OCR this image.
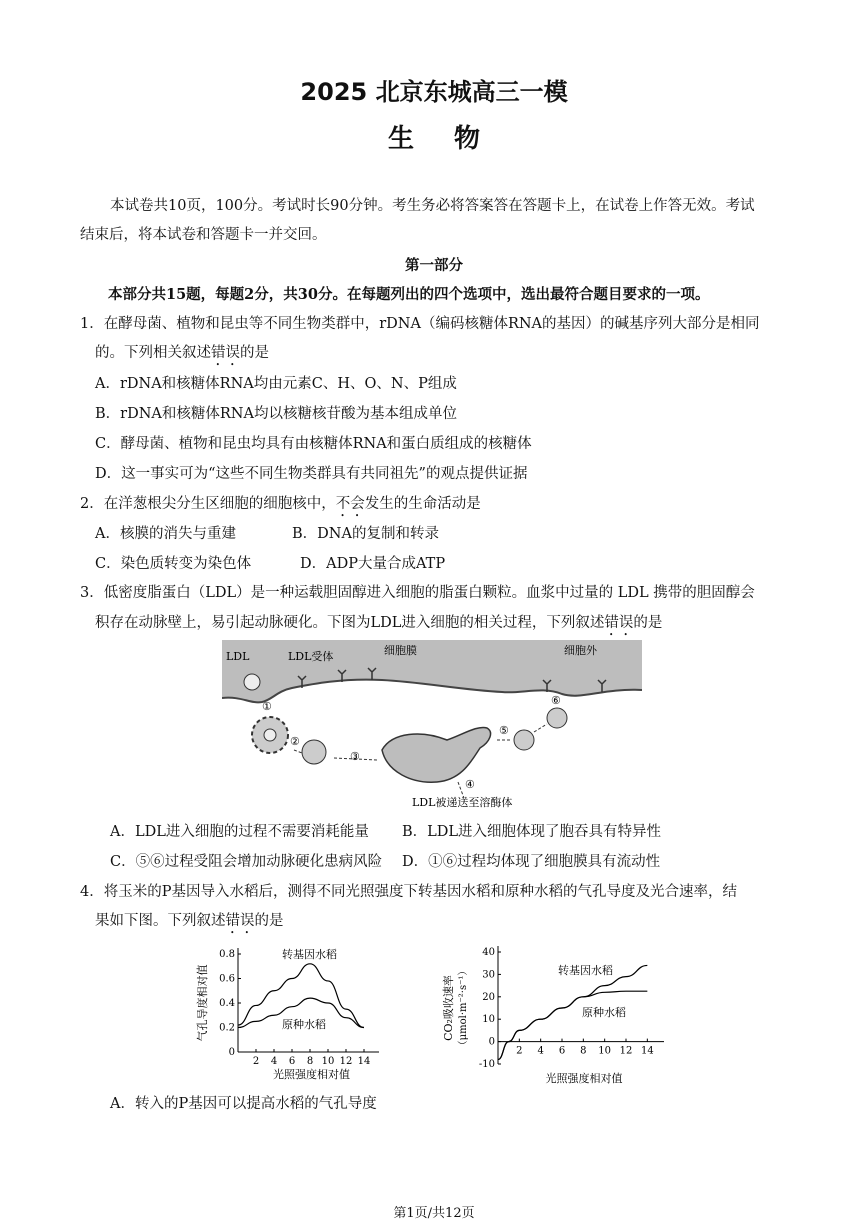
2025 北京东城高三一模
生物
本试卷共10页，100分。考试时长90分钟。考生务必将答案答在答题卡上，在试卷上作答无效。考试
结束后，将本试卷和答题卡一并交回。
第一部分
本部分共15题，每题2分，共30分。在每题列出的四个选项中，选出最符合题目要求的一项。
1．在酵母菌、植物和昆虫等不同生物类群中，rDNA（编码核糖体RNA的基因）的碱基序列大部分是相同
的。下列相关叙述错误的是
A．rDNA和核糖体RNA均由元素C、H、O、N、P组成
B．rDNA和核糖体RNA均以核糖核苷酸为基本组成单位
C．酵母菌、植物和昆虫均具有由核糖体RNA和蛋白质组成的核糖体
D．这一事实可为“这些不同生物类群具有共同祖先”的观点提供证据
2．在洋葱根尖分生区细胞的细胞核中，不会发生的生命活动是
A．核膜的消失与重建	B．DNA的复制和转录
C．染色质转变为染色体	D．ADP大量合成ATP
3．低密度脂蛋白（LDL）是一种运载胆固醇进入细胞的脂蛋白颗粒。血浆中过量的 LDL 携带的胆固醇会
积存在动脉壁上，易引起动脉硬化。下图为LDL进入细胞的相关过程，下列叙述错误的是
LDL	LDL受体	细胞膜	细胞外
①
②
③
④
⑤
⑥
LDL被递送至溶酶体
A．LDL进入细胞的过程不需要消耗能量 B．LDL进入细胞体现了胞吞具有特异性
C．⑤⑥过程受阻会增加动脉硬化患病风险 D．①⑥过程均体现了细胞膜具有流动性
4．将玉米的P基因导入水稻后，测得不同光照强度下转基因水稻和原种水稻的气孔导度及光合速率，结
果如下图。下列叙述错误的是
2 4 6 8 10 12 14
0
0.2
0.4
0.6
0.8	转基因水稻
原种水稻
光照强度相对值
气孔导度相对值
2 4 6 8 10 12 14
-10
0
10
20
30
40
转基因水稻
原种水稻
光照强度相对值
CO₂吸收速率 （μmol·m⁻²·s⁻¹）
A．转入的P基因可以提高水稻的气孔导度
第1页/共12页
